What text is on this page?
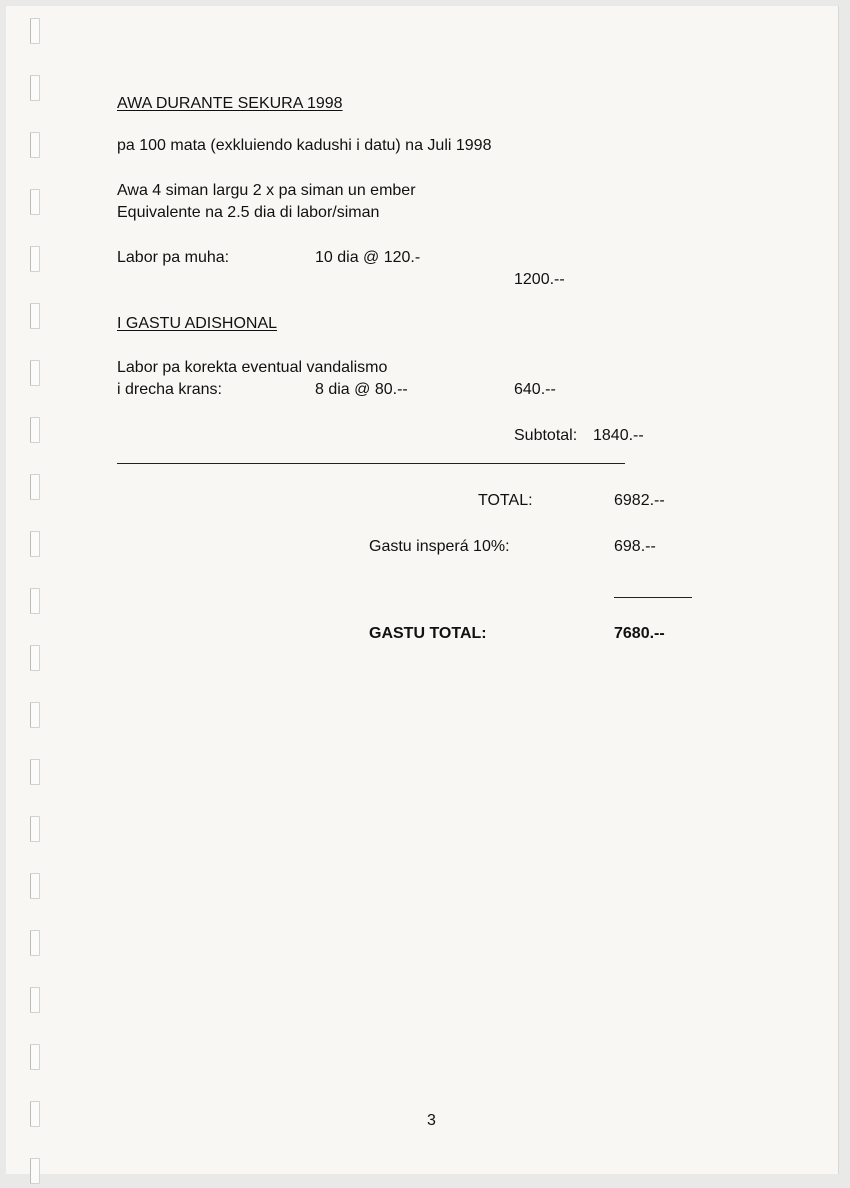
AWA DURANTE SEKURA 1998
pa 100 mata (exkluiendo kadushi i datu) na Juli 1998
Awa 4 siman largu 2 x pa siman un ember
Equivalente na 2.5 dia di labor/siman
Labor pa muha:	10 dia @ 120.-
1200.--
I GASTU ADISHONAL
Labor pa korekta eventual vandalismo
i drecha krans:	8 dia @ 80.--	640.--
Subtotal: 1840.--
TOTAL:	6982.--
Gastu insperá 10%:	698.--
GASTU TOTAL:	7680.--
3
